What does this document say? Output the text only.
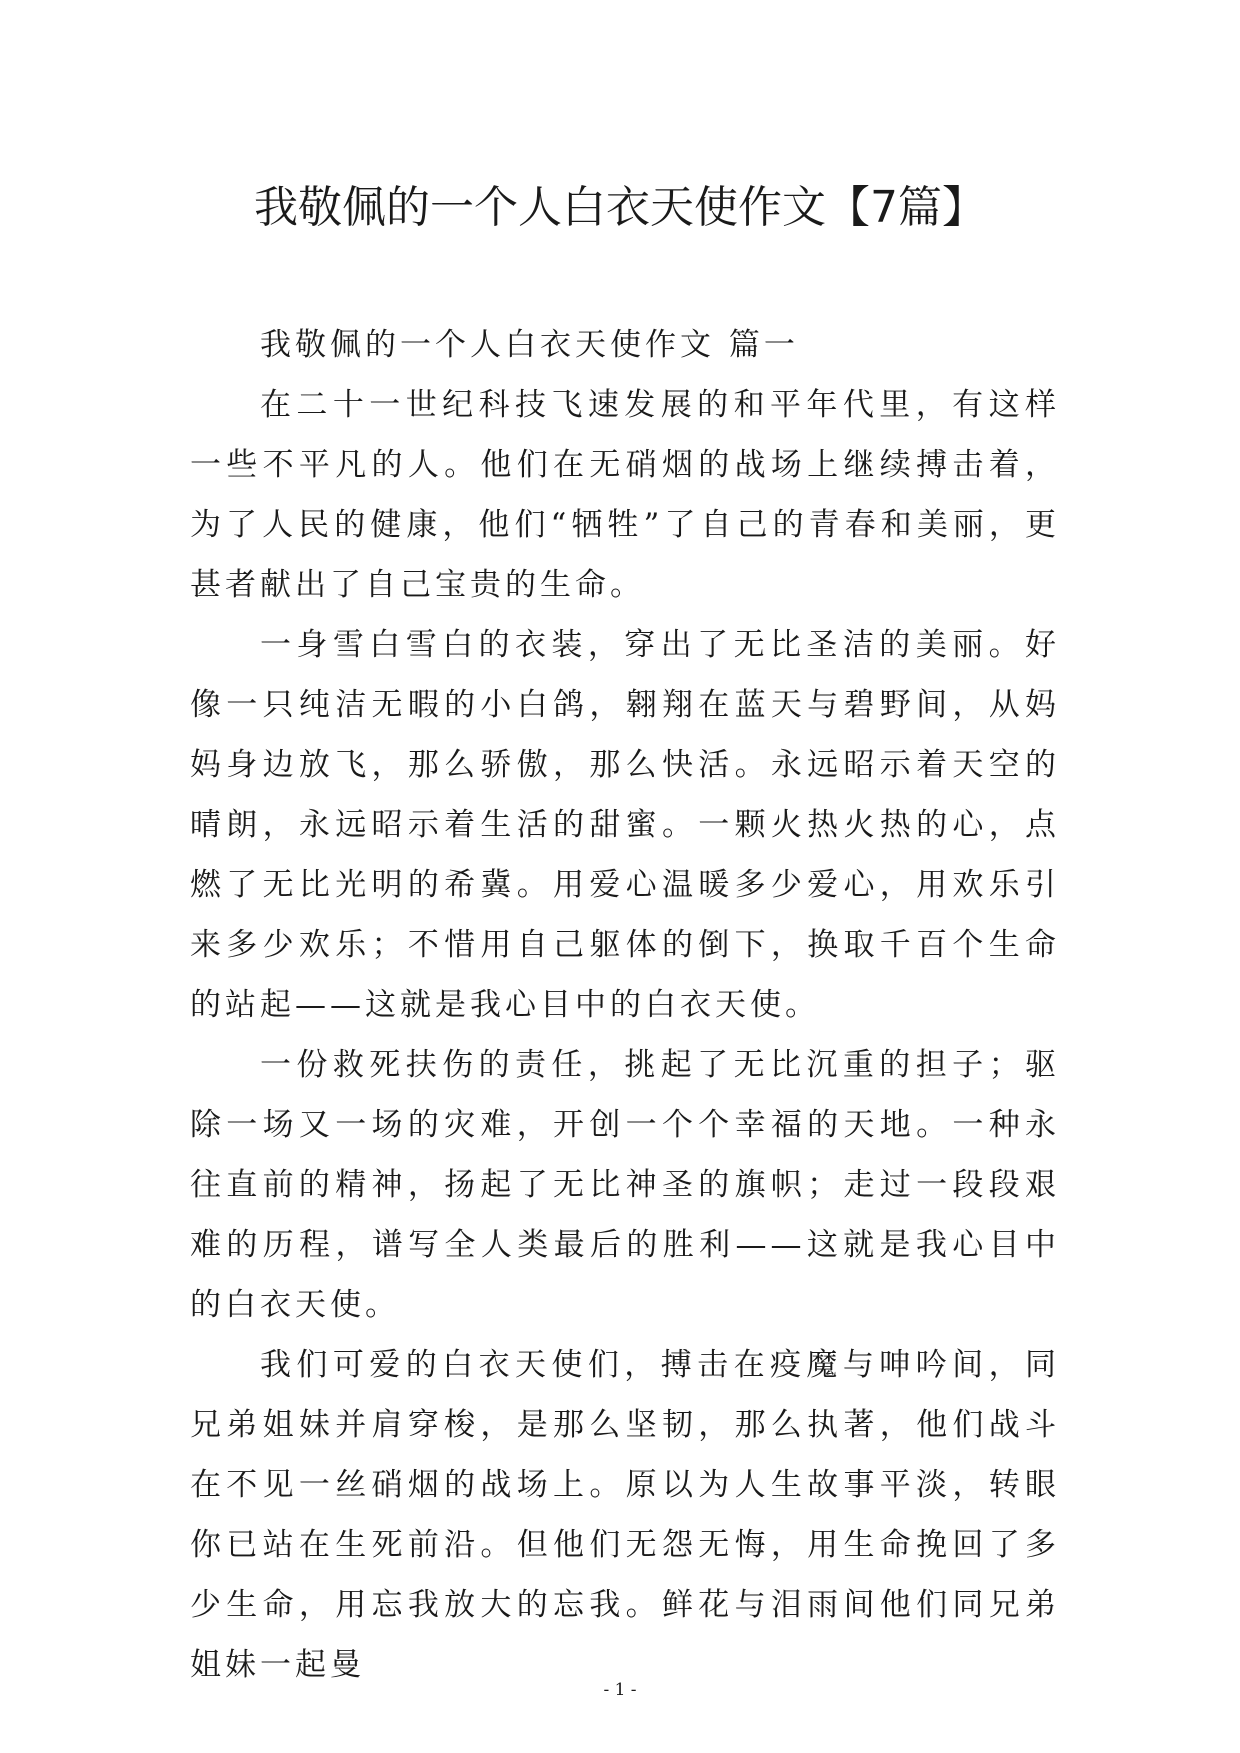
我敬佩的一个人白衣天使作文【7篇】

我敬佩的一个人白衣天使作文 篇一

在二十一世纪科技飞速发展的和平年代里，有这样一些不平凡的人。他们在无硝烟的战场上继续搏击着，为了人民的健康，他们“牺牲”了自己的青春和美丽，更甚者献出了自己宝贵的生命。

一身雪白雪白的衣装，穿出了无比圣洁的美丽。好像一只纯洁无暇的小白鸽，翱翔在蓝天与碧野间，从妈妈身边放飞，那么骄傲，那么快活。永远昭示着天空的晴朗，永远昭示着生活的甜蜜。一颗火热火热的心，点燃了无比光明的希冀。用爱心温暖多少爱心，用欢乐引来多少欢乐；不惜用自己躯体的倒下，换取千百个生命的站起——这就是我心目中的白衣天使。

一份救死扶伤的责任，挑起了无比沉重的担子；驱除一场又一场的灾难，开创一个个幸福的天地。一种永往直前的精神，扬起了无比神圣的旗帜；走过一段段艰难的历程，谱写全人类最后的胜利——这就是我心目中的白衣天使。

我们可爱的白衣天使们，搏击在疫魔与呻吟间，同兄弟姐妹并肩穿梭，是那么坚韧，那么执著，他们战斗在不见一丝硝烟的战场上。原以为人生故事平淡，转眼你已站在生死前沿。但他们无怨无悔，用生命挽回了多少生命，用忘我放大的忘我。鲜花与泪雨间他们同兄弟姐妹一起曼

- 1 -
